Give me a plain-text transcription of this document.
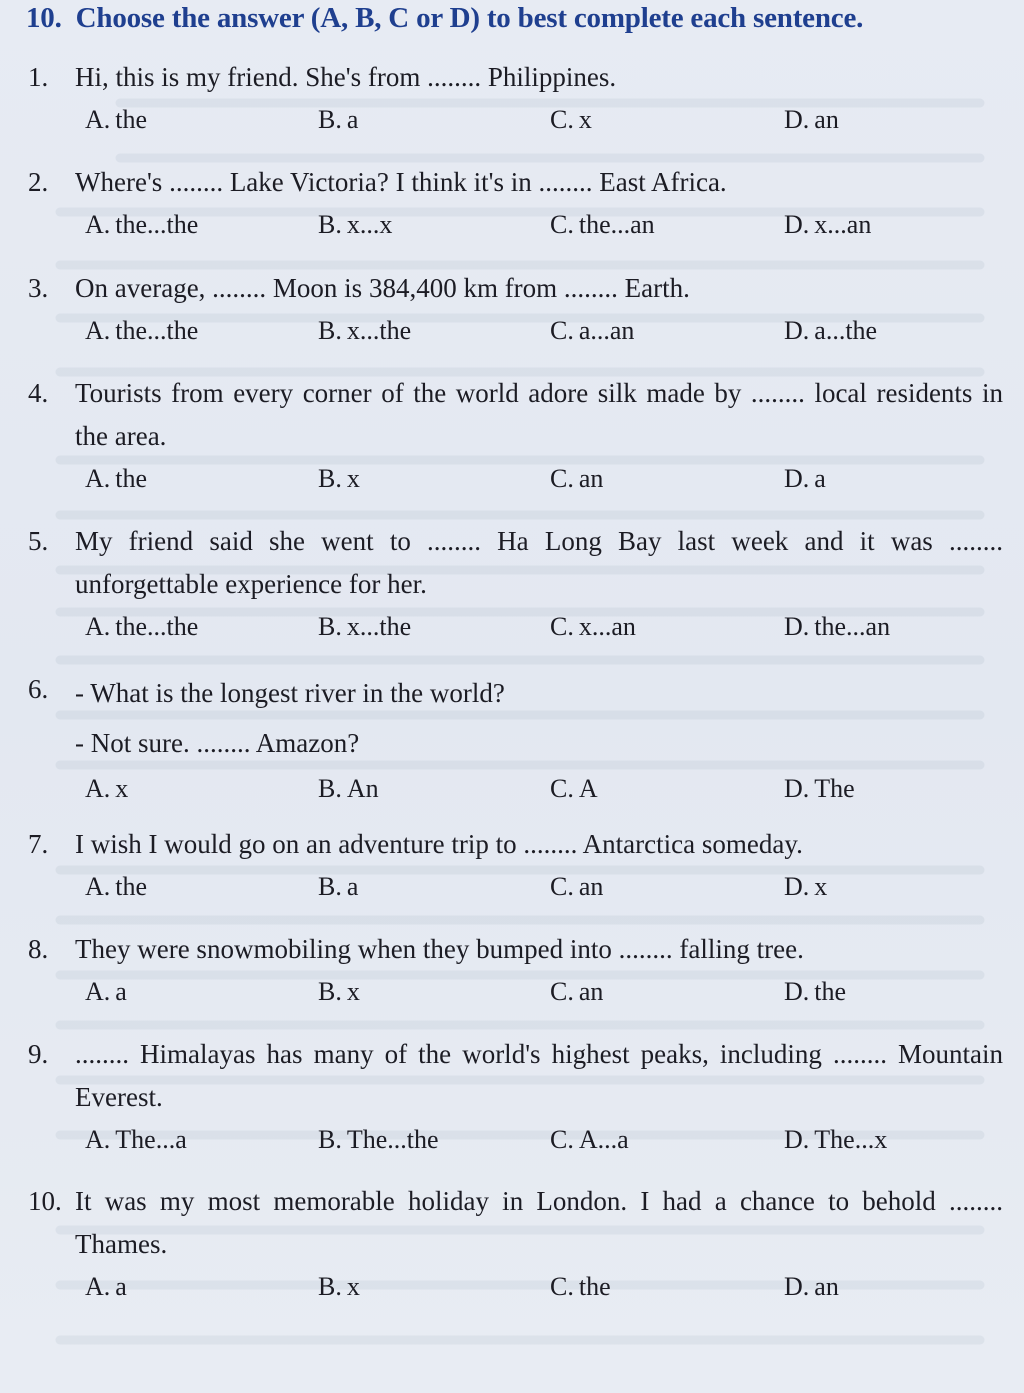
10. Choose the answer (A, B, C or D) to best complete each sentence.
1. Hi, this is my friend. She's from ........ Philippines.
A. the	B. a	C. x	D. an
2. Where's ........ Lake Victoria? I think it's in ........ East Africa.
A. the...the	B. x...x	C. the...an	D. x...an
3. On average, ........ Moon is 384,400 km from ........ Earth.
A. the...the	B. x...the	C. a...an	D. a...the
4. Tourists from every corner of the world adore silk made by ........ local residents in the area.
A. the	B. x	C. an	D. a
5. My friend said she went to ........ Ha Long Bay last week and it was ........ unforgettable experience for her.
A. the...the	B. x...the	C. x...an	D. the...an
6. - What is the longest river in the world?
- Not sure. ........ Amazon?
A. x	B. An	C. A	D. The
7. I wish I would go on an adventure trip to ........ Antarctica someday.
A. the	B. a	C. an	D. x
8. They were snowmobiling when they bumped into ........ falling tree.
A. a	B. x	C. an	D. the
9. ........ Himalayas has many of the world's highest peaks, including ........ Mountain Everest.
A. The...a	B. The...the	C. A...a	D. The...x
10. It was my most memorable holiday in London. I had a chance to behold ........ Thames.
A. a	B. x	C. the	D. an
